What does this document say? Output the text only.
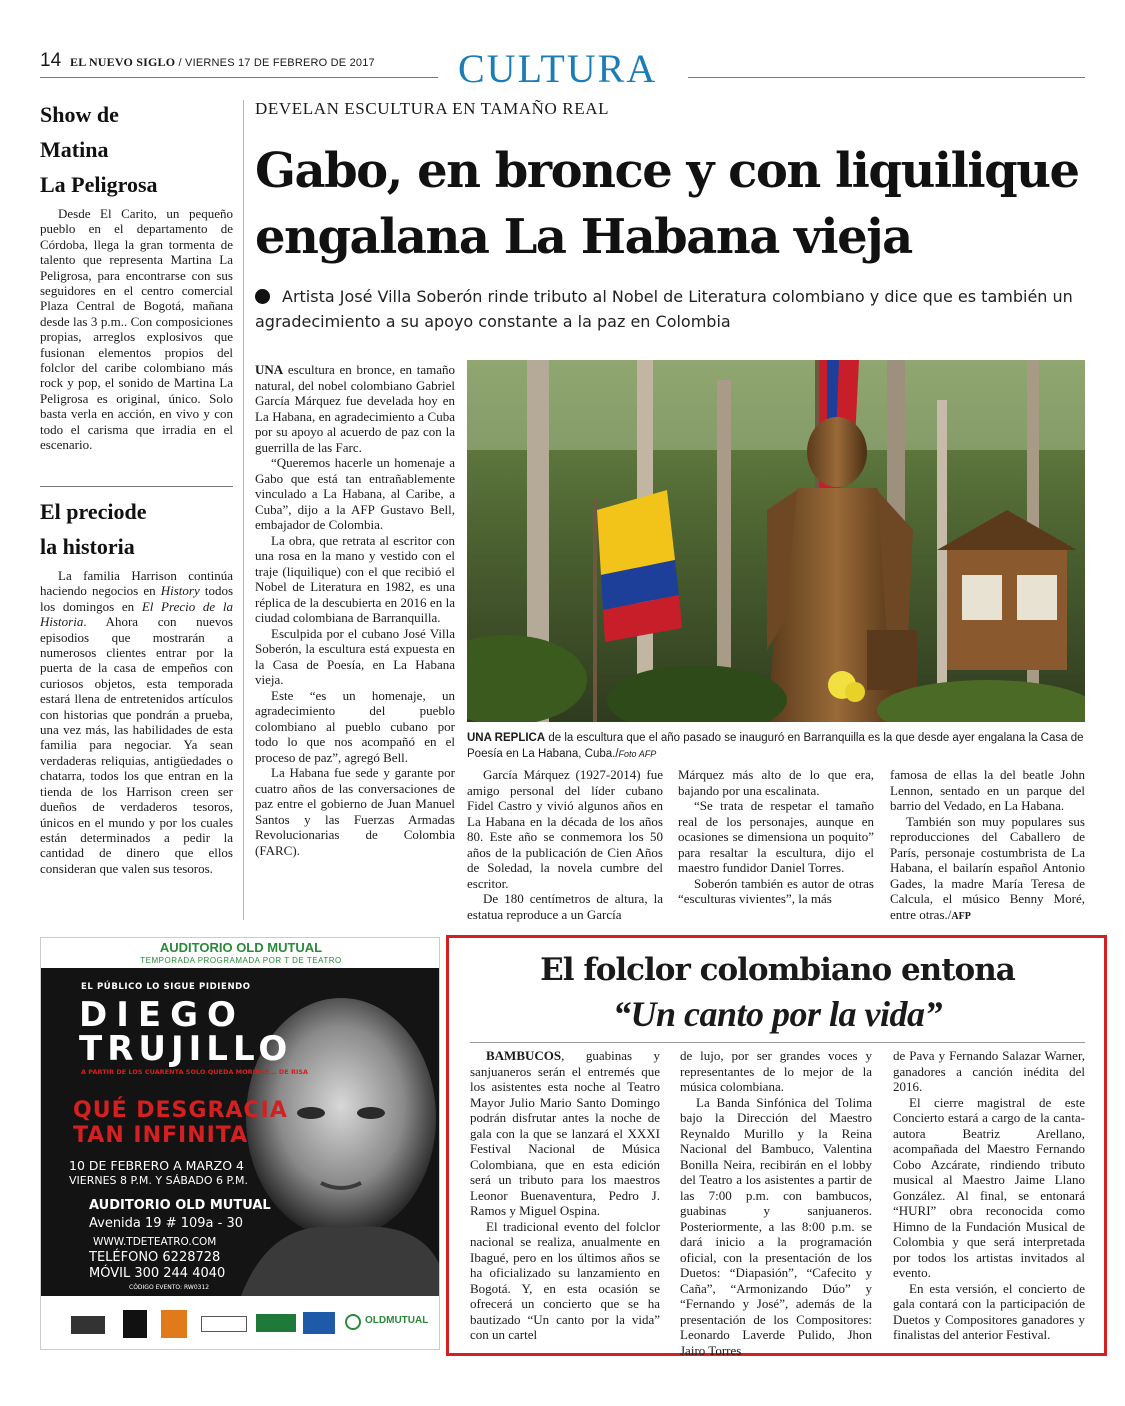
14 EL NUEVO SIGLO / VIERNES 17 DE FEBRERO DE 2017 CULTURA
Show de
Matina
La Peligrosa

Desde El Carito, un pequeño pueblo en el departamento de Córdoba, llega la gran tormenta de talento que representa Martina La Peligrosa, para encontrarse con sus seguidores en el centro comercial Plaza Central de Bogotá, mañana desde las 3 p.m.. Con composiciones propias, arreglos explosivos que fusionan elementos propios del folclor del caribe colombiano más rock y pop, el sonido de Martina La Peligrosa es original, único. Solo basta verla en acción, en vivo y con todo el carisma que irradia en el escenario.

El preciode
la historia

La familia Harrison continúa haciendo negocios en History todos los domingos en El Precio de la Historia. Ahora con nuevos episodios que mostrarán a numerosos clientes entrar por la puerta de la casa de empeños con curiosos objetos, esta temporada estará llena de entretenidos artículos con historias que pondrán a prueba, una vez más, las habilidades de esta familia para negociar. Ya sean verdaderas reliquias, antigüedades o chatarra, todos los que entran en la tienda de los Harrison creen ser dueños de verdaderos tesoros, únicos en el mundo y por los cuales están determinados a pedir la cantidad de dinero que ellos consideran que valen sus tesoros.

DEVELAN ESCULTURA EN TAMAÑO REAL
Gabo, en bronce y con liquilique
engalana La Habana vieja
Artista José Villa Soberón rinde tributo al Nobel de Literatura colombiano y dice que es también un agradecimiento a su apoyo constante a la paz en Colombia

UNA escultura en bronce, en tamaño natural, del nobel colombiano Gabriel García Márquez fue develada hoy en La Habana, en agradecimiento a Cuba por su apoyo al acuerdo de paz con la guerrilla de las Farc.

“Queremos hacerle un homenaje a Gabo que está tan entrañablemente vinculado a La Habana, al Caribe, a Cuba”, dijo a la AFP Gustavo Bell, embajador de Colombia.

La obra, que retrata al escritor con una rosa en la mano y vestido con el traje (liquilique) con el que recibió el Nobel de Literatura en 1982, es una réplica de la descubierta en 2016 en la ciudad colombiana de Barranquilla.

Esculpida por el cubano José Villa Soberón, la escultura está expuesta en la Casa de Poesía, en La Habana vieja.

Este “es un homenaje, un agradecimiento del pueblo colombiano al pueblo cubano por todo lo que nos acompañó en el proceso de paz”, agregó Bell.

La Habana fue sede y garante por cuatro años de las conversaciones de paz entre el gobierno de Juan Manuel Santos y las Fuerzas Armadas Revolucionarias de Colombia (FARC).

UNA REPLICA de la escultura que el año pasado se inauguró en Barranquilla es la que desde ayer engalana la Casa de Poesía en La Habana, Cuba./Foto AFP

García Márquez (1927-2014) fue amigo personal del líder cubano Fidel Castro y vivió algunos años en La Habana en la década de los años 80. Este año se conmemora los 50 años de la publicación de Cien Años de Soledad, la novela cumbre del escritor.

De 180 centímetros de altura, la estatua reproduce a un García

Márquez más alto de lo que era, bajando por una escalinata.

“Se trata de respetar el tamaño real de los personajes, aunque en ocasiones se dimensiona un poquito” para resaltar la escultura, dijo el maestro fundidor Daniel Torres.

Soberón también es autor de otras “esculturas vivientes”, la más

famosa de ellas la del beatle John Lennon, sentado en un parque del barrio del Vedado, en La Habana.

También son muy populares sus reproducciones del Caballero de París, personaje costumbrista de La Habana, el bailarín español Antonio Gades, la madre María Teresa de Calcula, el músico Benny Moré, entre otras./AFP

AUDITORIO OLD MUTUAL
TEMPORADA PROGRAMADA POR T DE TEATRO
EL PÚBLICO LO SIGUE PIDIENDO
DIEGO
TRUJILLO
A PARTIR DE LOS CUARENTA SOLO QUEDA MORIRSE... DE RISA
QUÉ DESGRACIA
TAN INFINITA
10 DE FEBRERO A MARZO 4
VIERNES 8 P.M. Y SÁBADO 6 P.M.
AUDITORIO OLD MUTUAL
Avenida 19 # 109a - 30
WWW.TDETEATRO.COM
TELÉFONO 6228728
MÓVIL 300 244 4040
CÓDIGO EVENTO: RW0312
OLDMUTUAL
El folclor colombiano entona
“Un canto por la vida”

BAMBUCOS, guabinas y sanjuaneros serán el entremés que los asistentes esta noche al Teatro Mayor Julio Mario Santo Domingo podrán disfrutar antes la noche de gala con la que se lanzará el XXXI Festival Nacional de Música Colombiana, que en esta edición será un tributo para los maestros Leonor Buenaventura, Pedro J. Ramos y Miguel Ospina.

El tradicional evento del folclor nacional se realiza, anualmente en Ibagué, pero en los últimos años se ha oficializado su lanzamiento en Bogotá. Y, en esta ocasión se ofrecerá un concierto que se ha bautizado “Un canto por la vida” con un cartel

de lujo, por ser grandes voces y representantes de lo mejor de la música colombiana.

La Banda Sinfónica del Tolima bajo la Dirección del Maestro Reynaldo Murillo y la Reina Nacional del Bambuco, Valentina Bonilla Neira, recibirán en el lobby del Teatro a los asistentes a partir de las 7:00 p.m. con bambucos, guabinas y sanjuaneros. Posteriormente, a las 8:00 p.m. se dará inicio a la programación oficial, con la presentación de los Duetos: “Diapasión”, “Cafecito y Caña”, “Armonizando Dúo” y “Fernando y José”, además de la presentación de los Compositores: Leonardo Laverde Pulido, Jhon Jairo Torres

de Pava y Fernando Salazar Warner, ganadores a canción inédita del 2016.

El cierre magistral de este Concierto estará a cargo de la canta-autora Beatriz Arellano, acompañada del Maestro Fernando Cobo Azcárate, rindiendo tributo musical al Maestro Jaime Llano González. Al final, se entonará “HURI” obra reconocida como Himno de la Fundación Musical de Colombia y que será interpretada por todos los artistas invitados al evento.

En esta versión, el concierto de gala contará con la participación de Duetos y Compositores ganadores y finalistas del anterior Festival.
